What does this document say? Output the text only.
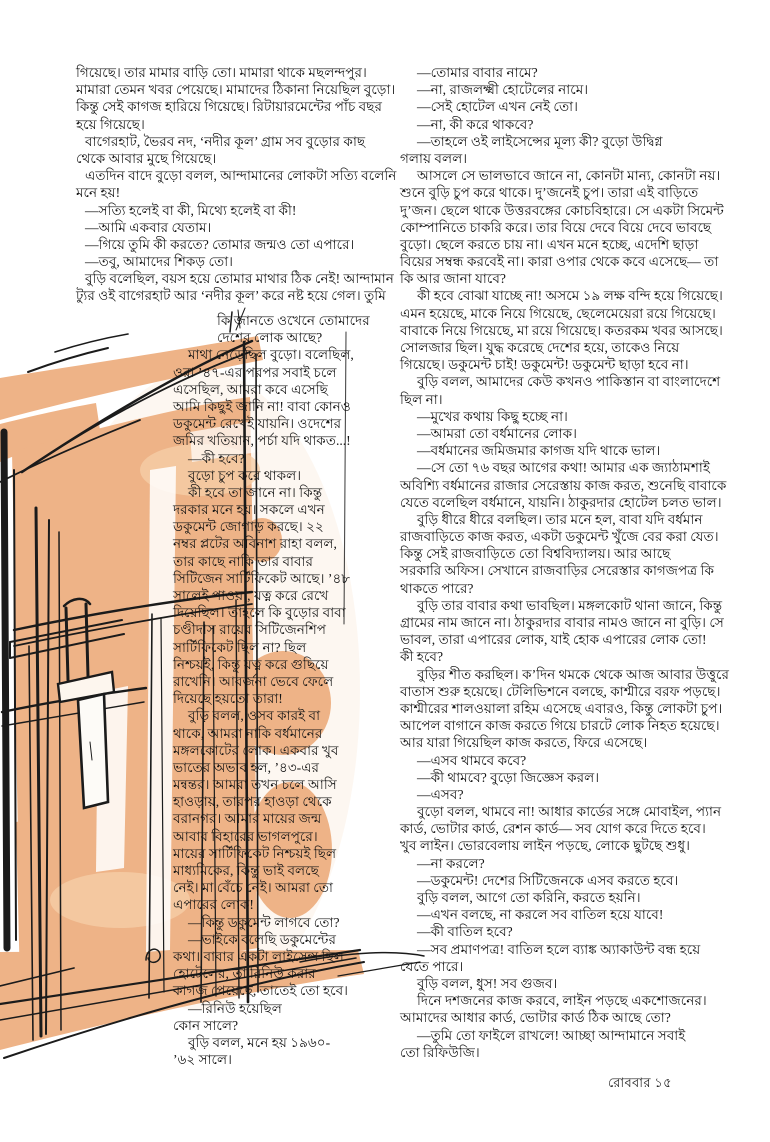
গিয়েছে। তার মামার বাড়ি তো। মামারা থাকে মছলন্দপুর।
মামারা তেমন খবর পেয়েছে। মামাদের ঠিকানা নিয়েছিল বুড়ো।
কিন্তু সেই কাগজ হারিয়ে গিয়েছে। রিটায়ারমেন্টের পাঁচ বছর
হয়ে গিয়েছে।
বাগেরহাট, ভৈরব নদ, ‘নদীর কূল’ গ্রাম সব বুড়োর কাছ
থেকে আবার মুছে গিয়েছে।
এতদিন বাদে বুড়ো বলল, আন্দামানের লোকটা সত্যি বলেনি
মনে হয়!
—সত্যি হলেই বা কী, মিথ্যে হলেই বা কী!
—আমি একবার যেতাম।
—গিয়ে তুমি কী করতে? তোমার জন্মও তো এপারে।
—তবু, আমাদের শিকড় তো।
বুড়ি বলেছিল, বয়স হয়ে তোমার মাথার ঠিক নেই! আন্দামান
ট্যুর ওই বাগেরহাট আর ‘নদীর কূল’ করে নষ্ট হয়ে গেল। তুমি
কি জানতে ওখেনে তোমাদের
দেশের লোক আছে?
মাথা নেড়েছিল বুড়ো। বলেছিল,
ওরা ’৪৭-এর পরপর সবাই চলে
এসেছিল, আমরা কবে এসেছি
আমি কিছুই জানি না! বাবা কোনও
ডকুমেন্ট রেখেই যায়নি। ওদেশের
জমির খতিয়ান, পর্চা যদি থাকত...!
—কী হবে?
বুড়ো চুপ করে থাকল।
কী হবে তা জানে না। কিন্তু
দরকার মনে হয়। সকলে এখন
ডকুমেন্ট জোগাড় করছে। ২২
নম্বর প্লটের অবিনাশ রাহা বলল,
তার কাছে নাকি তার বাবার
সিটিজেন সার্টিফিকেট আছে। ’৪৮
সালেই পাওয়া, যত্ন করে রেখে
দিয়েছিল। তাহলে কি বুড়োর বাবা
চণ্ডীদাস রায়ের সিটিজেনশিপ
সার্টিফিকেট ছিল না? ছিল
নিশ্চয়ই, কিন্তু যত্ন করে গুছিয়ে
রাখেনি। আবর্জনা ভেবে ফেলে
দিয়েছে হয়তো তারা!
বুড়ি বলল, ওসব কারই বা
থাকে, আমরা নাকি বর্ধমানের
মঙ্গলকোটের লোক। একবার খুব
ভাতের অভাব হল, ’৪৩-এর
মন্বন্তর। আমরা তখন চলে আসি
হাওড়ায়, তারপর হাওড়া থেকে
বরানগর। আমার মায়ের জন্ম
আবার বিহারের ভাগলপুরে।
মায়ের সার্টিফিকেট নিশ্চয়ই ছিল
মাধ্যমিকের, কিন্তু ভাই বলছে
নেই। মা বেঁচে নেই। আমরা তো
এপারের লোক!
—কিন্তু ডকুমেন্ট লাগবে তো?
—ভাইকে বলেছি ডকুমেন্টের
কথা। বাবার একটা লাইসেন্স ছিল
হোটেলের, তা রিনিউ করার
কাগজ পেয়েছে, তাতেই তো হবে।
—রিনিউ হয়েছিল
কোন সালে?
বুড়ি বলল, মনে হয় ১৯৬০-
’৬২ সালে।
—তোমার বাবার নামে?
—না, রাজলক্ষ্মী হোটেলের নামে।
—সেই হোটেল এখন নেই তো।
—না, কী করে থাকবে?
—তাহলে ওই লাইসেন্সের মূল্য কী? বুড়ো উদ্বিগ্ন
গলায় বলল।
আসলে সে ভালভাবে জানে না, কোনটা মান্য, কোনটা নয়।
শুনে বুড়ি চুপ করে থাকে। দু’জনেই চুপ। তারা এই বাড়িতে
দু’জন। ছেলে থাকে উত্তরবঙ্গের কোচবিহারে। সে একটা সিমেন্ট
কোম্পানিতে চাকরি করে। তার বিয়ে দেবে বিয়ে দেবে ভাবছে
বুড়ো। ছেলে করতে চায় না। এখন মনে হচ্ছে, এদেশি ছাড়া
বিয়ের সম্বন্ধ করবেই না। কারা ওপার থেকে কবে এসেছে— তা
কি আর জানা যাবে?
কী হবে বোঝা যাচ্ছে না! অসমে ১৯ লক্ষ বন্দি হয়ে গিয়েছে।
এমন হয়েছে, মাকে নিয়ে গিয়েছে, ছেলেমেয়েরা রয়ে গিয়েছে।
বাবাকে নিয়ে গিয়েছে, মা রয়ে গিয়েছে। কতরকম খবর আসছে।
সোলজার ছিল। যুদ্ধ করেছে দেশের হয়ে, তাকেও নিয়ে
গিয়েছে। ডকুমেন্ট চাই! ডকুমেন্ট! ডকুমেন্ট ছাড়া হবে না।
বুড়ি বলল, আমাদের কেউ কখনও পাকিস্তান বা বাংলাদেশে
ছিল না।
—মুখের কথায় কিছু হচ্ছে না।
—আমরা তো বর্ধমানের লোক।
—বর্ধমানের জমিজমার কাগজ যদি থাকে ভাল।
—সে তো ৭৬ বছর আগের কথা! আমার এক জ্যাঠামশাই
অবিশ্যি বর্ধমানের রাজার সেরেস্তায় কাজ করত, শুনেছি বাবাকে
যেতে বলেছিল বর্ধমানে, যায়নি। ঠাকুরদার হোটেল চলত ভাল।
বুড়ি ধীরে ধীরে বলছিল। তার মনে হল, বাবা যদি বর্ধমান
রাজবাড়িতে কাজ করত, একটা ডকুমেন্ট খুঁজে বের করা যেত।
কিন্তু সেই রাজবাড়িতে তো বিশ্ববিদ্যালয়। আর আছে
সরকারি অফিস। সেখানে রাজবাড়ির সেরেস্তার কাগজপত্র কি
থাকতে পারে?
বুড়ি তার বাবার কথা ভাবছিল। মঙ্গলকোট থানা জানে, কিন্তু
গ্রামের নাম জানে না। ঠাকুরদার বাবার নামও জানে না বুড়ি। সে
ভাবল, তারা এপারের লোক, যাই হোক এপারের লোক তো!
কী হবে?
বুড়ির শীত করছিল। ক’দিন থমকে থেকে আজ আবার উত্তুরে
বাতাস শুরু হয়েছে। টেলিভিশনে বলছে, কাশ্মীরে বরফ পড়ছে।
কাশ্মীরের শালওয়ালা রহিম এসেছে এবারও, কিন্তু লোকটা চুপ।
আপেল বাগানে কাজ করতে গিয়ে চারটে লোক নিহত হয়েছে।
আর যারা গিয়েছিল কাজ করতে, ফিরে এসেছে।
—এসব থামবে কবে?
—কী থামবে? বুড়ো জিজ্ঞেস করল।
—এসব?
বুড়ো বলল, থামবে না! আধার কার্ডের সঙ্গে মোবাইল, প্যান
কার্ড, ভোটার কার্ড, রেশন কার্ড— সব যোগ করে দিতে হবে।
খুব লাইন। ভোরবেলায় লাইন পড়ছে, লোকে ছুটছে শুধু।
—না করলে?
—ডকুমেন্ট! দেশের সিটিজেনকে এসব করতে হবে।
বুড়ি বলল, আগে তো করিনি, করতে হয়নি।
—এখন বলছে, না করলে সব বাতিল হয়ে যাবে!
—কী বাতিল হবে?
—সব প্রমাণপত্র! বাতিল হলে ব্যাঙ্ক অ্যাকাউন্ট বন্ধ হয়ে
যেতে পারে।
বুড়ি বলল, ধুস! সব গুজব।
দিনে দশজনের কাজ করবে, লাইন পড়ছে একশোজনের।
আমাদের আধার কার্ড, ভোটার কার্ড ঠিক আছে তো?
—তুমি তো ফাইলে রাখলে! আচ্ছা আন্দামানে সবাই
তো রিফিউজি।
রোববার ১৫
